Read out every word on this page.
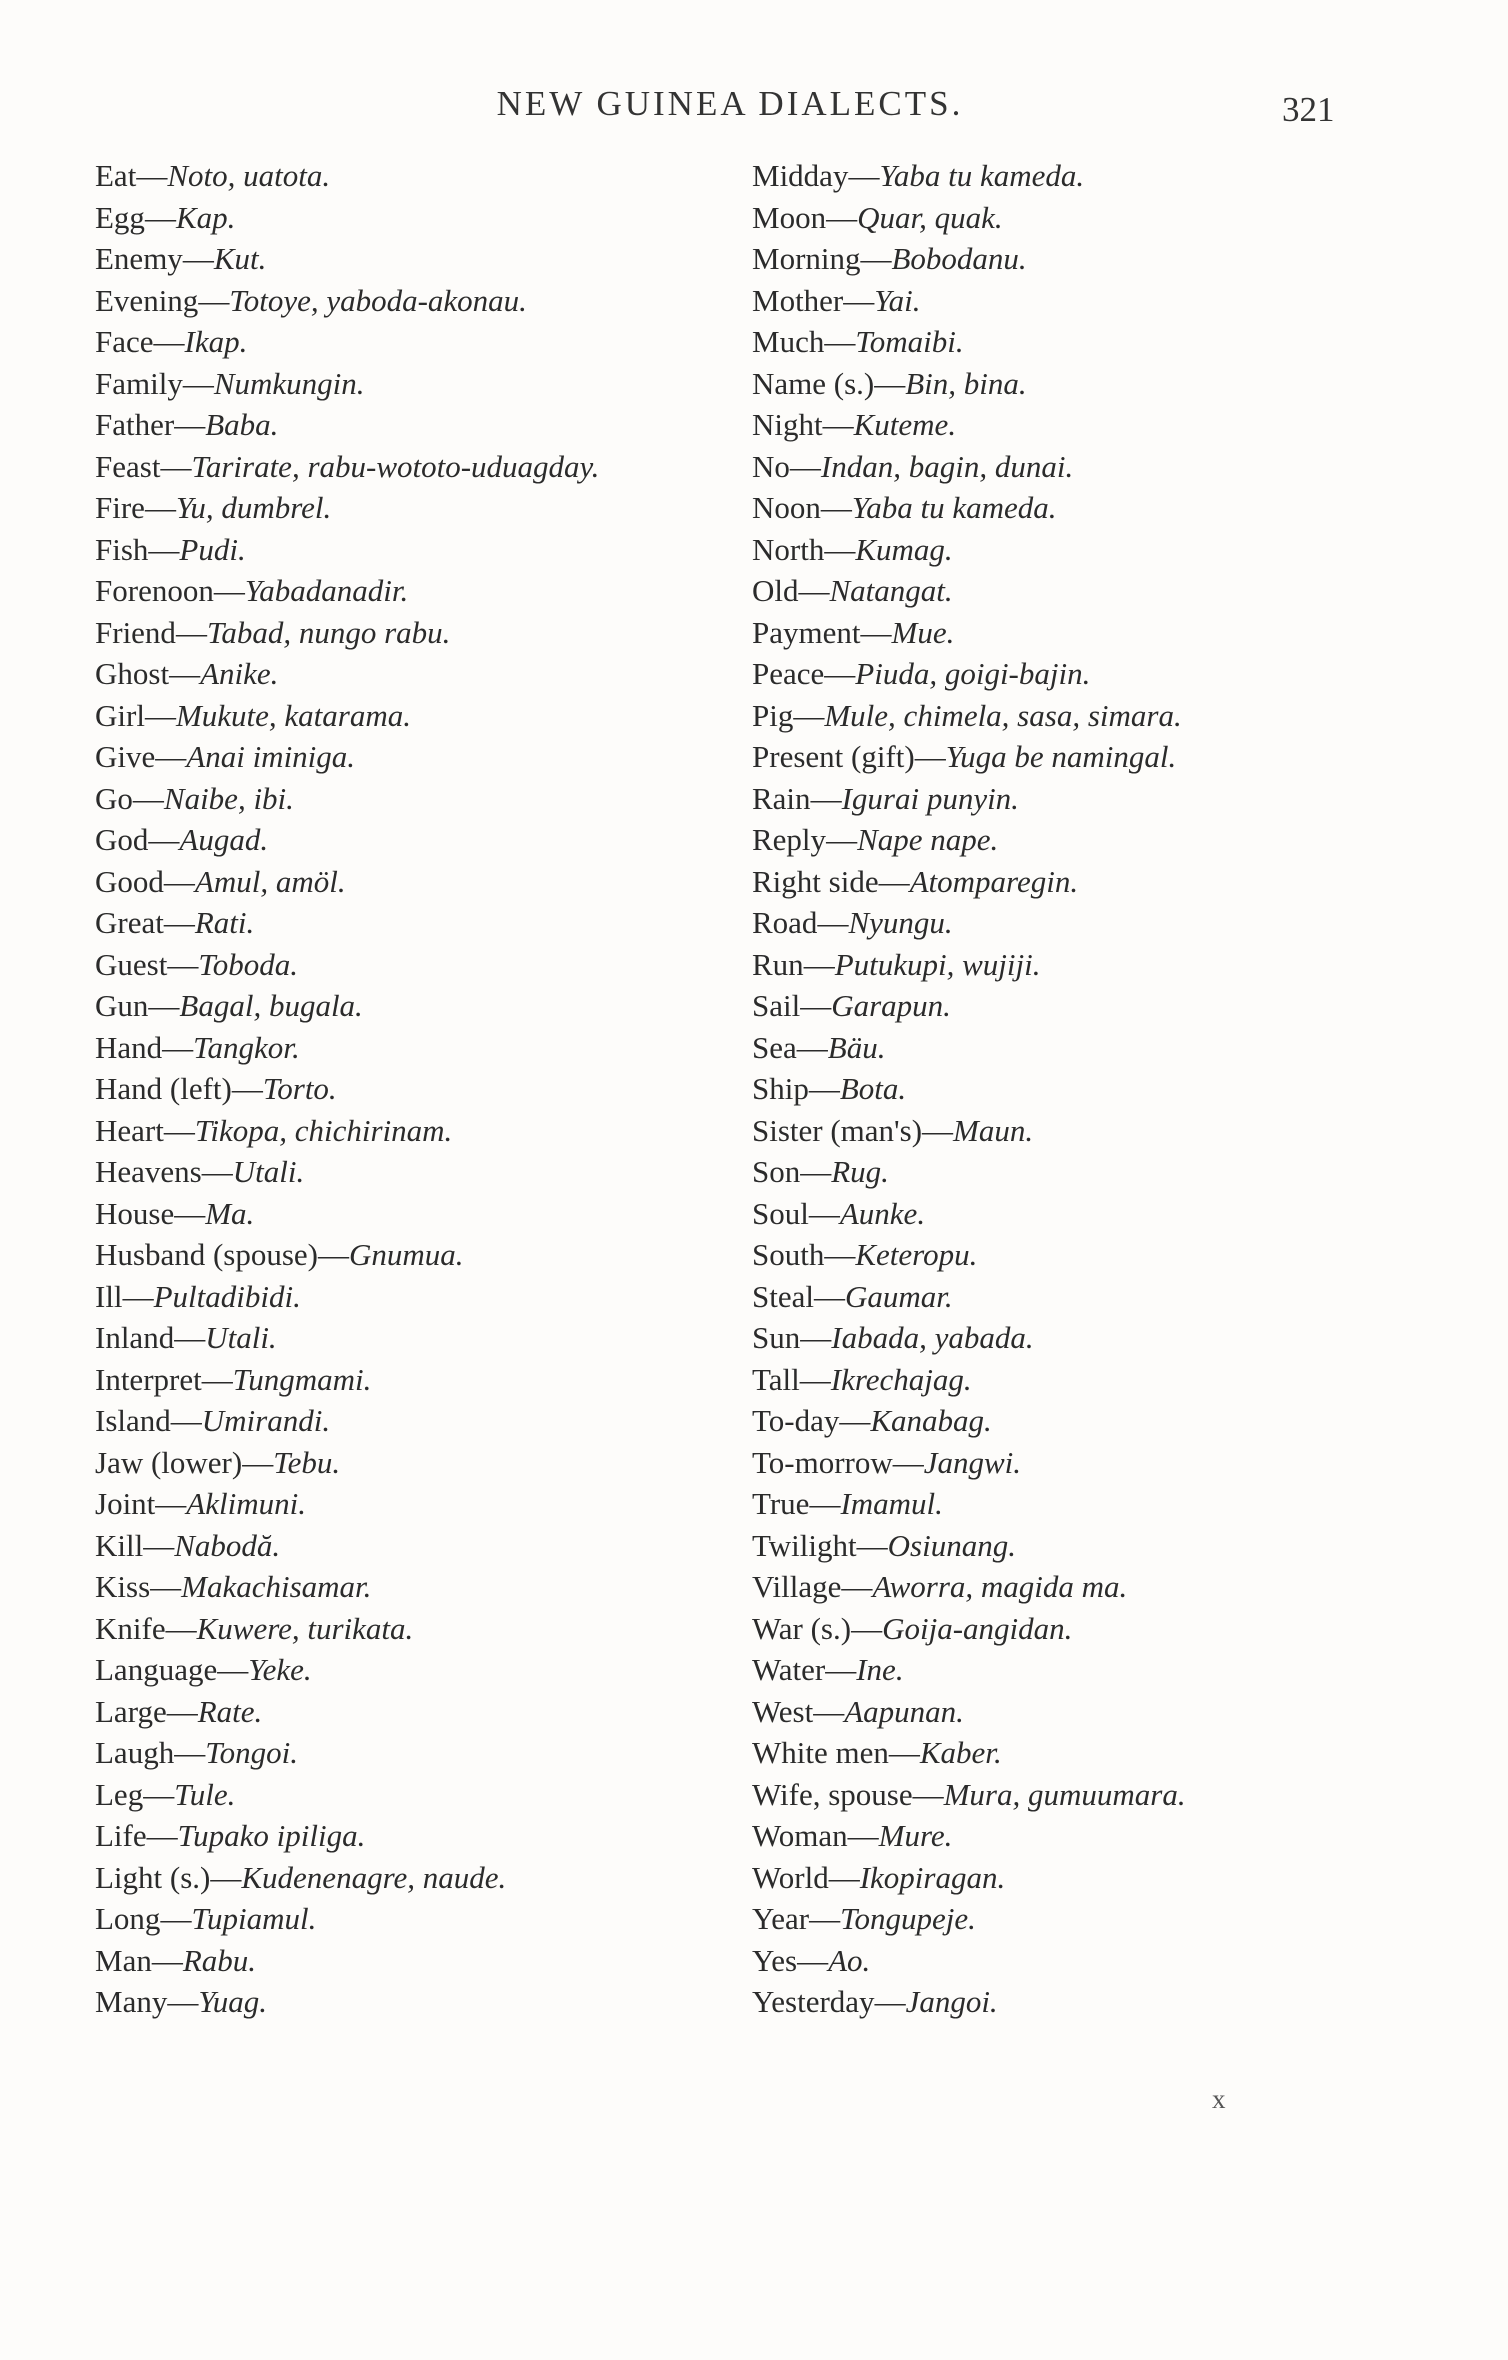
NEW GUINEA DIALECTS.	321
Eat—Noto, uatota.
Egg—Kap.
Enemy—Kut.
Evening—Totoye, yaboda-akonau.
Face—Ikap.
Family—Numkungin.
Father—Baba.
Feast—Tarirate, rabu-wototo-uduagday.
Fire—Yu, dumbrel.
Fish—Pudi.
Forenoon—Yabadanadir.
Friend—Tabad, nungo rabu.
Ghost—Anike.
Girl—Mukute, katarama.
Give—Anai iminiga.
Go—Naibe, ibi.
God—Augad.
Good—Amul, amöl.
Great—Rati.
Guest—Toboda.
Gun—Bagal, bugala.
Hand—Tangkor.
Hand (left)—Torto.
Heart—Tikopa, chichirinam.
Heavens—Utali.
House—Ma.
Husband (spouse)—Gnumua.
Ill—Pultadibidi.
Inland—Utali.
Interpret—Tungmami.
Island—Umirandi.
Jaw (lower)—Tebu.
Joint—Aklimuni.
Kill—Nabodă.
Kiss—Makachisamar.
Knife—Kuwere, turikata.
Language—Yeke.
Large—Rate.
Laugh—Tongoi.
Leg—Tule.
Life—Tupako ipiliga.
Light (s.)—Kudenenagre, naude.
Long—Tupiamul.
Man—Rabu.
Many—Yuag.
Midday—Yaba tu kameda.
Moon—Quar, quak.
Morning—Bobodanu.
Mother—Yai.
Much—Tomaibi.
Name (s.)—Bin, bina.
Night—Kuteme.
No—Indan, bagin, dunai.
Noon—Yaba tu kameda.
North—Kumag.
Old—Natangat.
Payment—Mue.
Peace—Piuda, goigi-bajin.
Pig—Mule, chimela, sasa, simara.
Present (gift)—Yuga be namingal.
Rain—Igurai punyin.
Reply—Nape nape.
Right side—Atomparegin.
Road—Nyungu.
Run—Putukupi, wujiji.
Sail—Garapun.
Sea—Bäu.
Ship—Bota.
Sister (man's)—Maun.
Son—Rug.
Soul—Aunke.
South—Keteropu.
Steal—Gaumar.
Sun—Iabada, yabada.
Tall—Ikrechajag.
To-day—Kanabag.
To-morrow—Jangwi.
True—Imamul.
Twilight—Osiunang.
Village—Aworra, magida ma.
War (s.)—Goija-angidan.
Water—Ine.
West—Aapunan.
White men—Kaber.
Wife, spouse—Mura, gumuumara.
Woman—Mure.
World—Ikopiragan.
Year—Tongupeje.
Yes—Ao.
Yesterday—Jangoi.
x
